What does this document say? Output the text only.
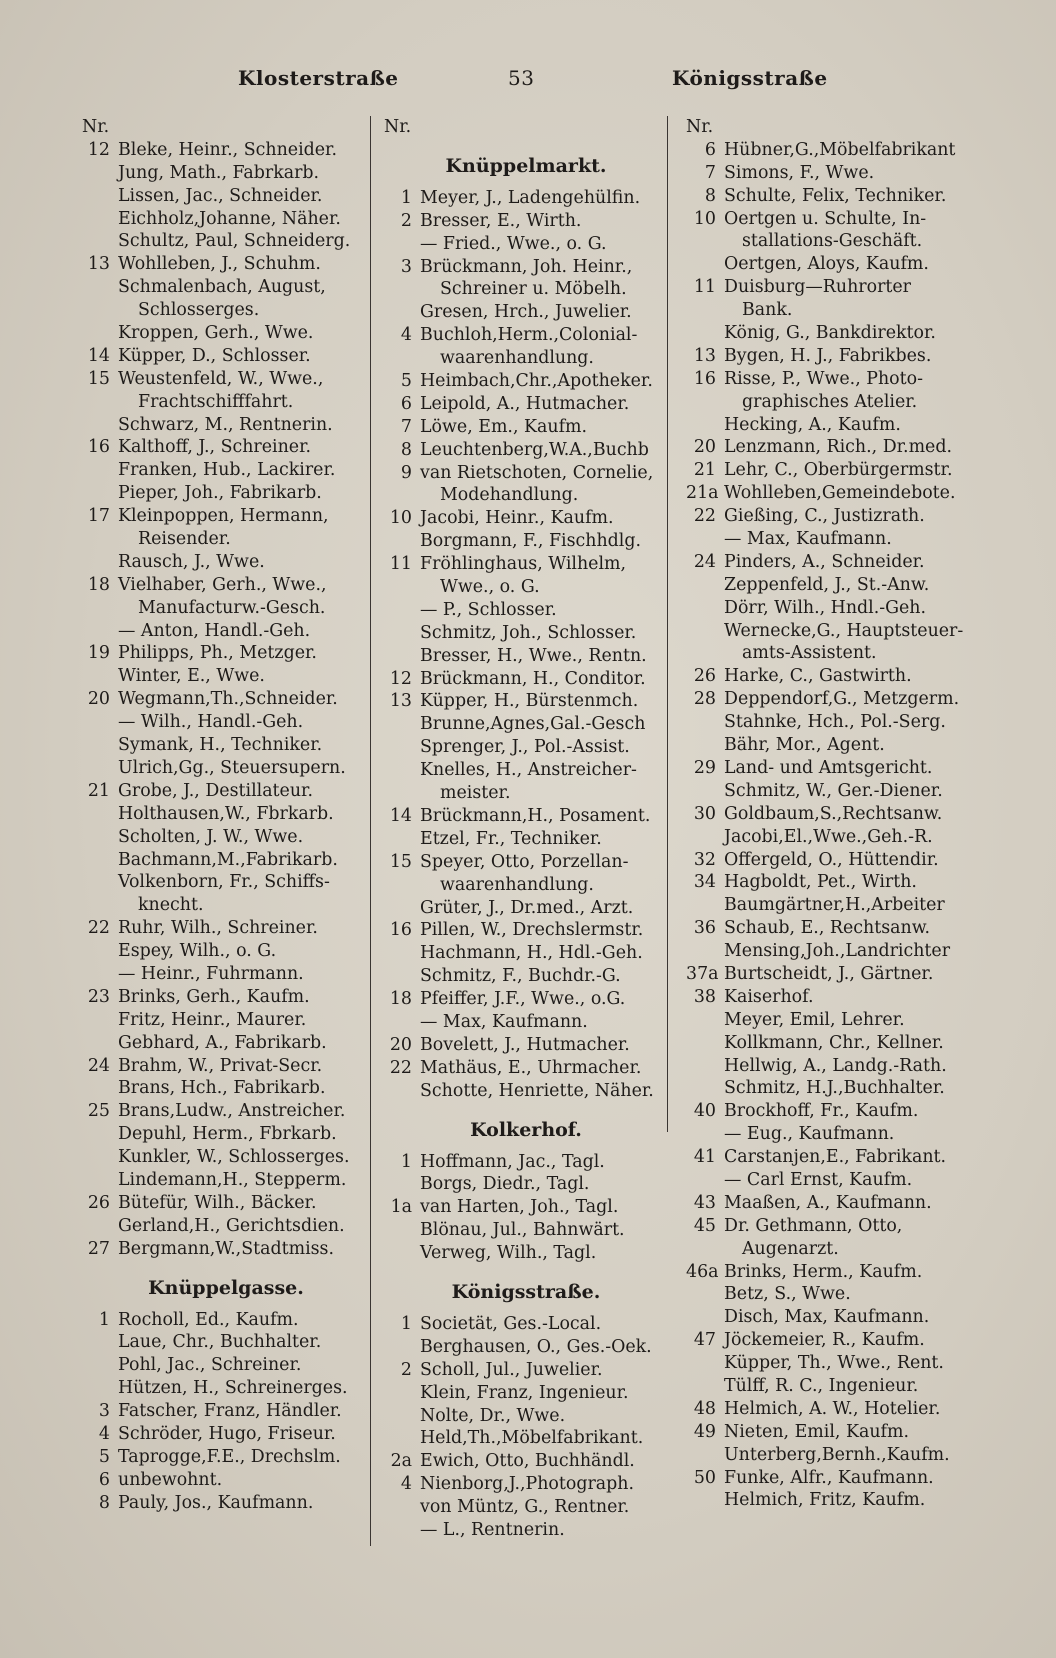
Klosterstraße	53	Königsstraße
Nr.
12 Bleke, Heinr., Schneider.
Jung, Math., Fabrkarb.
Lissen, Jac., Schneider.
Eichholz,Johanne, Näher.
Schultz, Paul, Schneiderg.
13 Wohlleben, J., Schuhm.
Schmalenbach, August,
Schlosserges.
Kroppen, Gerh., Wwe.
14 Küpper, D., Schlosser.
15 Weustenfeld, W., Wwe.,
Frachtschifffahrt.
Schwarz, M., Rentnerin.
16 Kalthoff, J., Schreiner.
Franken, Hub., Lackirer.
Pieper, Joh., Fabrikarb.
17 Kleinpoppen, Hermann,
Reisender.
Rausch, J., Wwe.
18 Vielhaber, Gerh., Wwe.,
Manufacturw.-Gesch.
— Anton, Handl.-Geh.
19 Philipps, Ph., Metzger.
Winter, E., Wwe.
20 Wegmann,Th.,Schneider.
— Wilh., Handl.-Geh.
Symank, H., Techniker.
Ulrich,Gg., Steuersupern.
21 Grobe, J., Destillateur.
Holthausen,W., Fbrkarb.
Scholten, J. W., Wwe.
Bachmann,M.,Fabrikarb.
Volkenborn, Fr., Schiffs-
knecht.
22 Ruhr, Wilh., Schreiner.
Espey, Wilh., o. G.
— Heinr., Fuhrmann.
23 Brinks, Gerh., Kaufm.
Fritz, Heinr., Maurer.
Gebhard, A., Fabrikarb.
24 Brahm, W., Privat-Secr.
Brans, Hch., Fabrikarb.
25 Brans,Ludw., Anstreicher.
Depuhl, Herm., Fbrkarb.
Kunkler, W., Schlosserges.
Lindemann,H., Stepperm.
26 Bütefür, Wilh., Bäcker.
Gerland,H., Gerichtsdien.
27 Bergmann,W.,Stadtmiss.
Knüppelgasse.
1 Rocholl, Ed., Kaufm.
Laue, Chr., Buchhalter.
Pohl, Jac., Schreiner.
Hützen, H., Schreinerges.
3 Fatscher, Franz, Händler.
4 Schröder, Hugo, Friseur.
5 Taprogge,F.E., Drechslm.
6 unbewohnt.
8 Pauly, Jos., Kaufmann.
Nr.
Knüppelmarkt.
1 Meyer, J., Ladengehülfin.
2 Bresser, E., Wirth.
— Fried., Wwe., o. G.
3 Brückmann, Joh. Heinr.,
Schreiner u. Möbelh.
Gresen, Hrch., Juwelier.
4 Buchloh,Herm.,Colonial-
waarenhandlung.
5 Heimbach,Chr.,Apotheker.
6 Leipold, A., Hutmacher.
7 Löwe, Em., Kaufm.
8 Leuchtenberg,W.A.,Buchb
9 van Rietschoten, Cornelie,
Modehandlung.
10 Jacobi, Heinr., Kaufm.
Borgmann, F., Fischhdlg.
11 Fröhlinghaus, Wilhelm,
Wwe., o. G.
— P., Schlosser.
Schmitz, Joh., Schlosser.
Bresser, H., Wwe., Rentn.
12 Brückmann, H., Conditor.
13 Küpper, H., Bürstenmch.
Brunne,Agnes,Gal.-Gesch
Sprenger, J., Pol.-Assist.
Knelles, H., Anstreicher-
meister.
14 Brückmann,H., Posament.
Etzel, Fr., Techniker.
15 Speyer, Otto, Porzellan-
waarenhandlung.
Grüter, J., Dr.med., Arzt.
16 Pillen, W., Drechslermstr.
Hachmann, H., Hdl.-Geh.
Schmitz, F., Buchdr.-G.
18 Pfeiffer, J.F., Wwe., o.G.
— Max, Kaufmann.
20 Bovelett, J., Hutmacher.
22 Mathäus, E., Uhrmacher.
Schotte, Henriette, Näher.
Kolkerhof.
1 Hoffmann, Jac., Tagl.
Borgs, Diedr., Tagl.
1a van Harten, Joh., Tagl.
Blönau, Jul., Bahnwärt.
Verweg, Wilh., Tagl.
Königsstraße.
1 Societät, Ges.-Local.
Berghausen, O., Ges.-Oek.
2 Scholl, Jul., Juwelier.
Klein, Franz, Ingenieur.
Nolte, Dr., Wwe.
Held,Th.,Möbelfabrikant.
2a Ewich, Otto, Buchhändl.
4 Nienborg,J.,Photograph.
von Müntz, G., Rentner.
— L., Rentnerin.
Nr.
6 Hübner,G.,Möbelfabrikant
7 Simons, F., Wwe.
8 Schulte, Felix, Techniker.
10 Oertgen u. Schulte, In-
stallations-Geschäft.
Oertgen, Aloys, Kaufm.
11 Duisburg—Ruhrorter
Bank.
König, G., Bankdirektor.
13 Bygen, H. J., Fabrikbes.
16 Risse, P., Wwe., Photo-
graphisches Atelier.
Hecking, A., Kaufm.
20 Lenzmann, Rich., Dr.med.
21 Lehr, C., Oberbürgermstr.
21a Wohlleben,Gemeindebote.
22 Gießing, C., Justizrath.
— Max, Kaufmann.
24 Pinders, A., Schneider.
Zeppenfeld, J., St.-Anw.
Dörr, Wilh., Hndl.-Geh.
Wernecke,G., Hauptsteuer-
amts-Assistent.
26 Harke, C., Gastwirth.
28 Deppendorf,G., Metzgerm.
Stahnke, Hch., Pol.-Serg.
Bähr, Mor., Agent.
29 Land- und Amtsgericht.
Schmitz, W., Ger.-Diener.
30 Goldbaum,S.,Rechtsanw.
Jacobi,El.,Wwe.,Geh.-R.
32 Offergeld, O., Hüttendir.
34 Hagboldt, Pet., Wirth.
Baumgärtner,H.,Arbeiter
36 Schaub, E., Rechtsanw.
Mensing,Joh.,Landrichter
37a Burtscheidt, J., Gärtner.
38 Kaiserhof.
Meyer, Emil, Lehrer.
Kollkmann, Chr., Kellner.
Hellwig, A., Landg.-Rath.
Schmitz, H.J.,Buchhalter.
40 Brockhoff, Fr., Kaufm.
— Eug., Kaufmann.
41 Carstanjen,E., Fabrikant.
— Carl Ernst, Kaufm.
43 Maaßen, A., Kaufmann.
45 Dr. Gethmann, Otto,
Augenarzt.
46a Brinks, Herm., Kaufm.
Betz, S., Wwe.
Disch, Max, Kaufmann.
47 Jöckemeier, R., Kaufm.
Küpper, Th., Wwe., Rent.
Tülff, R. C., Ingenieur.
48 Helmich, A. W., Hotelier.
49 Nieten, Emil, Kaufm.
Unterberg,Bernh.,Kaufm.
50 Funke, Alfr., Kaufmann.
Helmich, Fritz, Kaufm.
